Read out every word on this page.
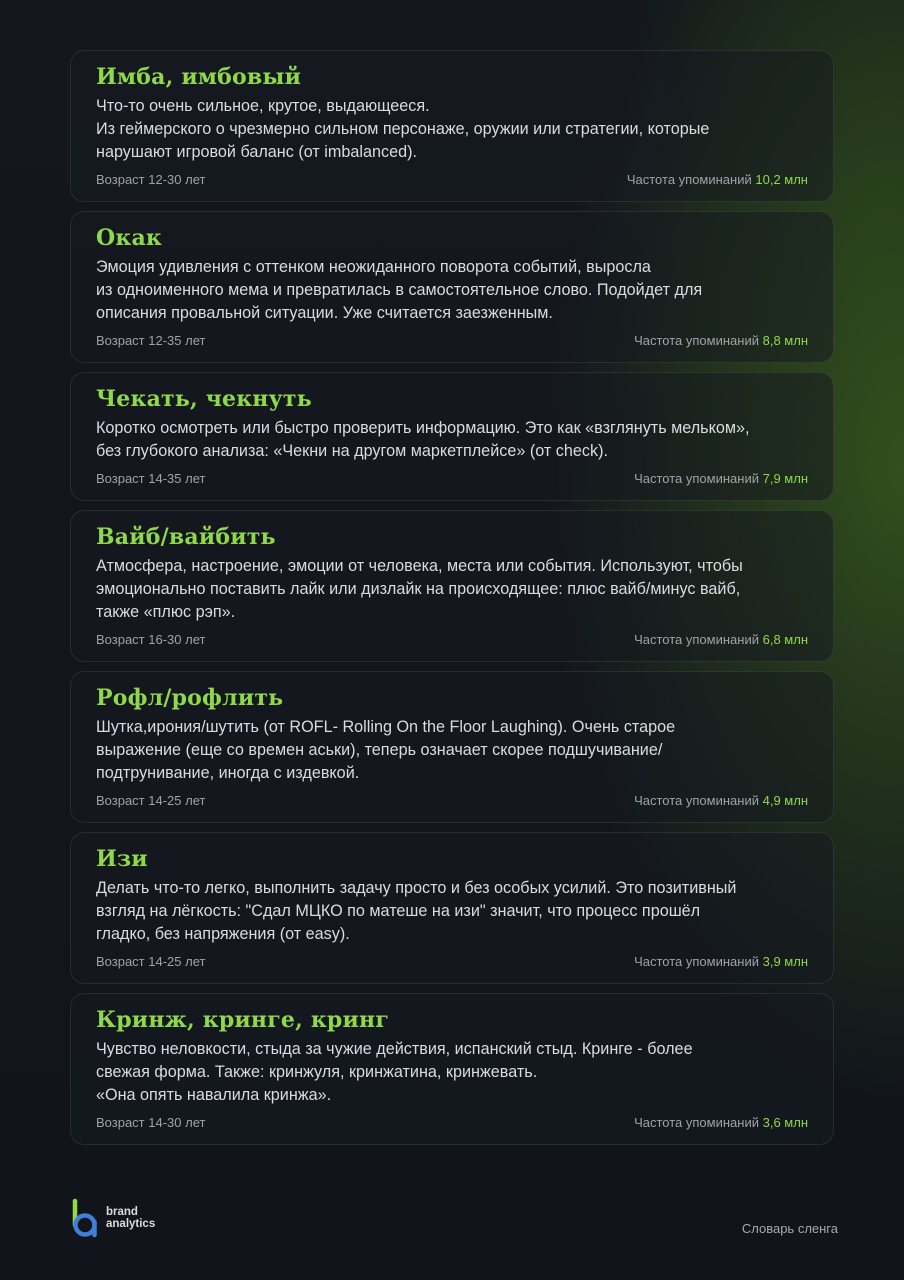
Имба, имбовый

Что-то очень сильное, крутое, выдающееся.
Из геймерского о чрезмерно сильном персонаже, оружии или стратегии, которые
нарушают игровой баланс (от imbalanced).

Возраст 12-30 лет	Частота упоминаний 10,2 млн
Окак

Эмоция удивления с оттенком неожиданного поворота событий, выросла
из одноименного мема и превратилась в самостоятельное слово. Подойдет для
описания провальной ситуации. Уже считается заезженным.

Возраст 12-35 лет	Частота упоминаний 8,8 млн
Чекать, чекнуть

Коротко осмотреть или быстро проверить информацию. Это как «взглянуть мельком»,
без глубокого анализа: «Чекни на другом маркетплейсе» (от check).

Возраст 14-35 лет	Частота упоминаний 7,9 млн
Вайб/вайбить

Атмосфера, настроение, эмоции от человека, места или события. Используют, чтобы
эмоционально поставить лайк или дизлайк на происходящее: плюс вайб/минус вайб,
также «плюс рэп».

Возраст 16-30 лет	Частота упоминаний 6,8 млн
Рофл/рофлить

Шутка,ирония/шутить (от ROFL- Rolling On the Floor Laughing). Очень старое
выражение (еще со времен аськи), теперь означает скорее подшучивание/
подтрунивание, иногда с издевкой.

Возраст 14-25 лет	Частота упоминаний 4,9 млн
Изи

Делать что-то легко, выполнить задачу просто и без особых усилий. Это позитивный
взгляд на лёгкость: "Сдал МЦКО по матеше на изи" значит, что процесс прошёл
гладко, без напряжения (от easy).

Возраст 14-25 лет	Частота упоминаний 3,9 млн
Кринж, кринге, кринг

Чувство неловкости, стыда за чужие действия, испанский стыд. Кринге - более
свежая форма. Также: кринжуля, кринжатина, кринжевать.
«Она опять навалила кринжа».

Возраст 14-30 лет	Частота упоминаний 3,6 млн
brand
analytics	Словарь сленга
